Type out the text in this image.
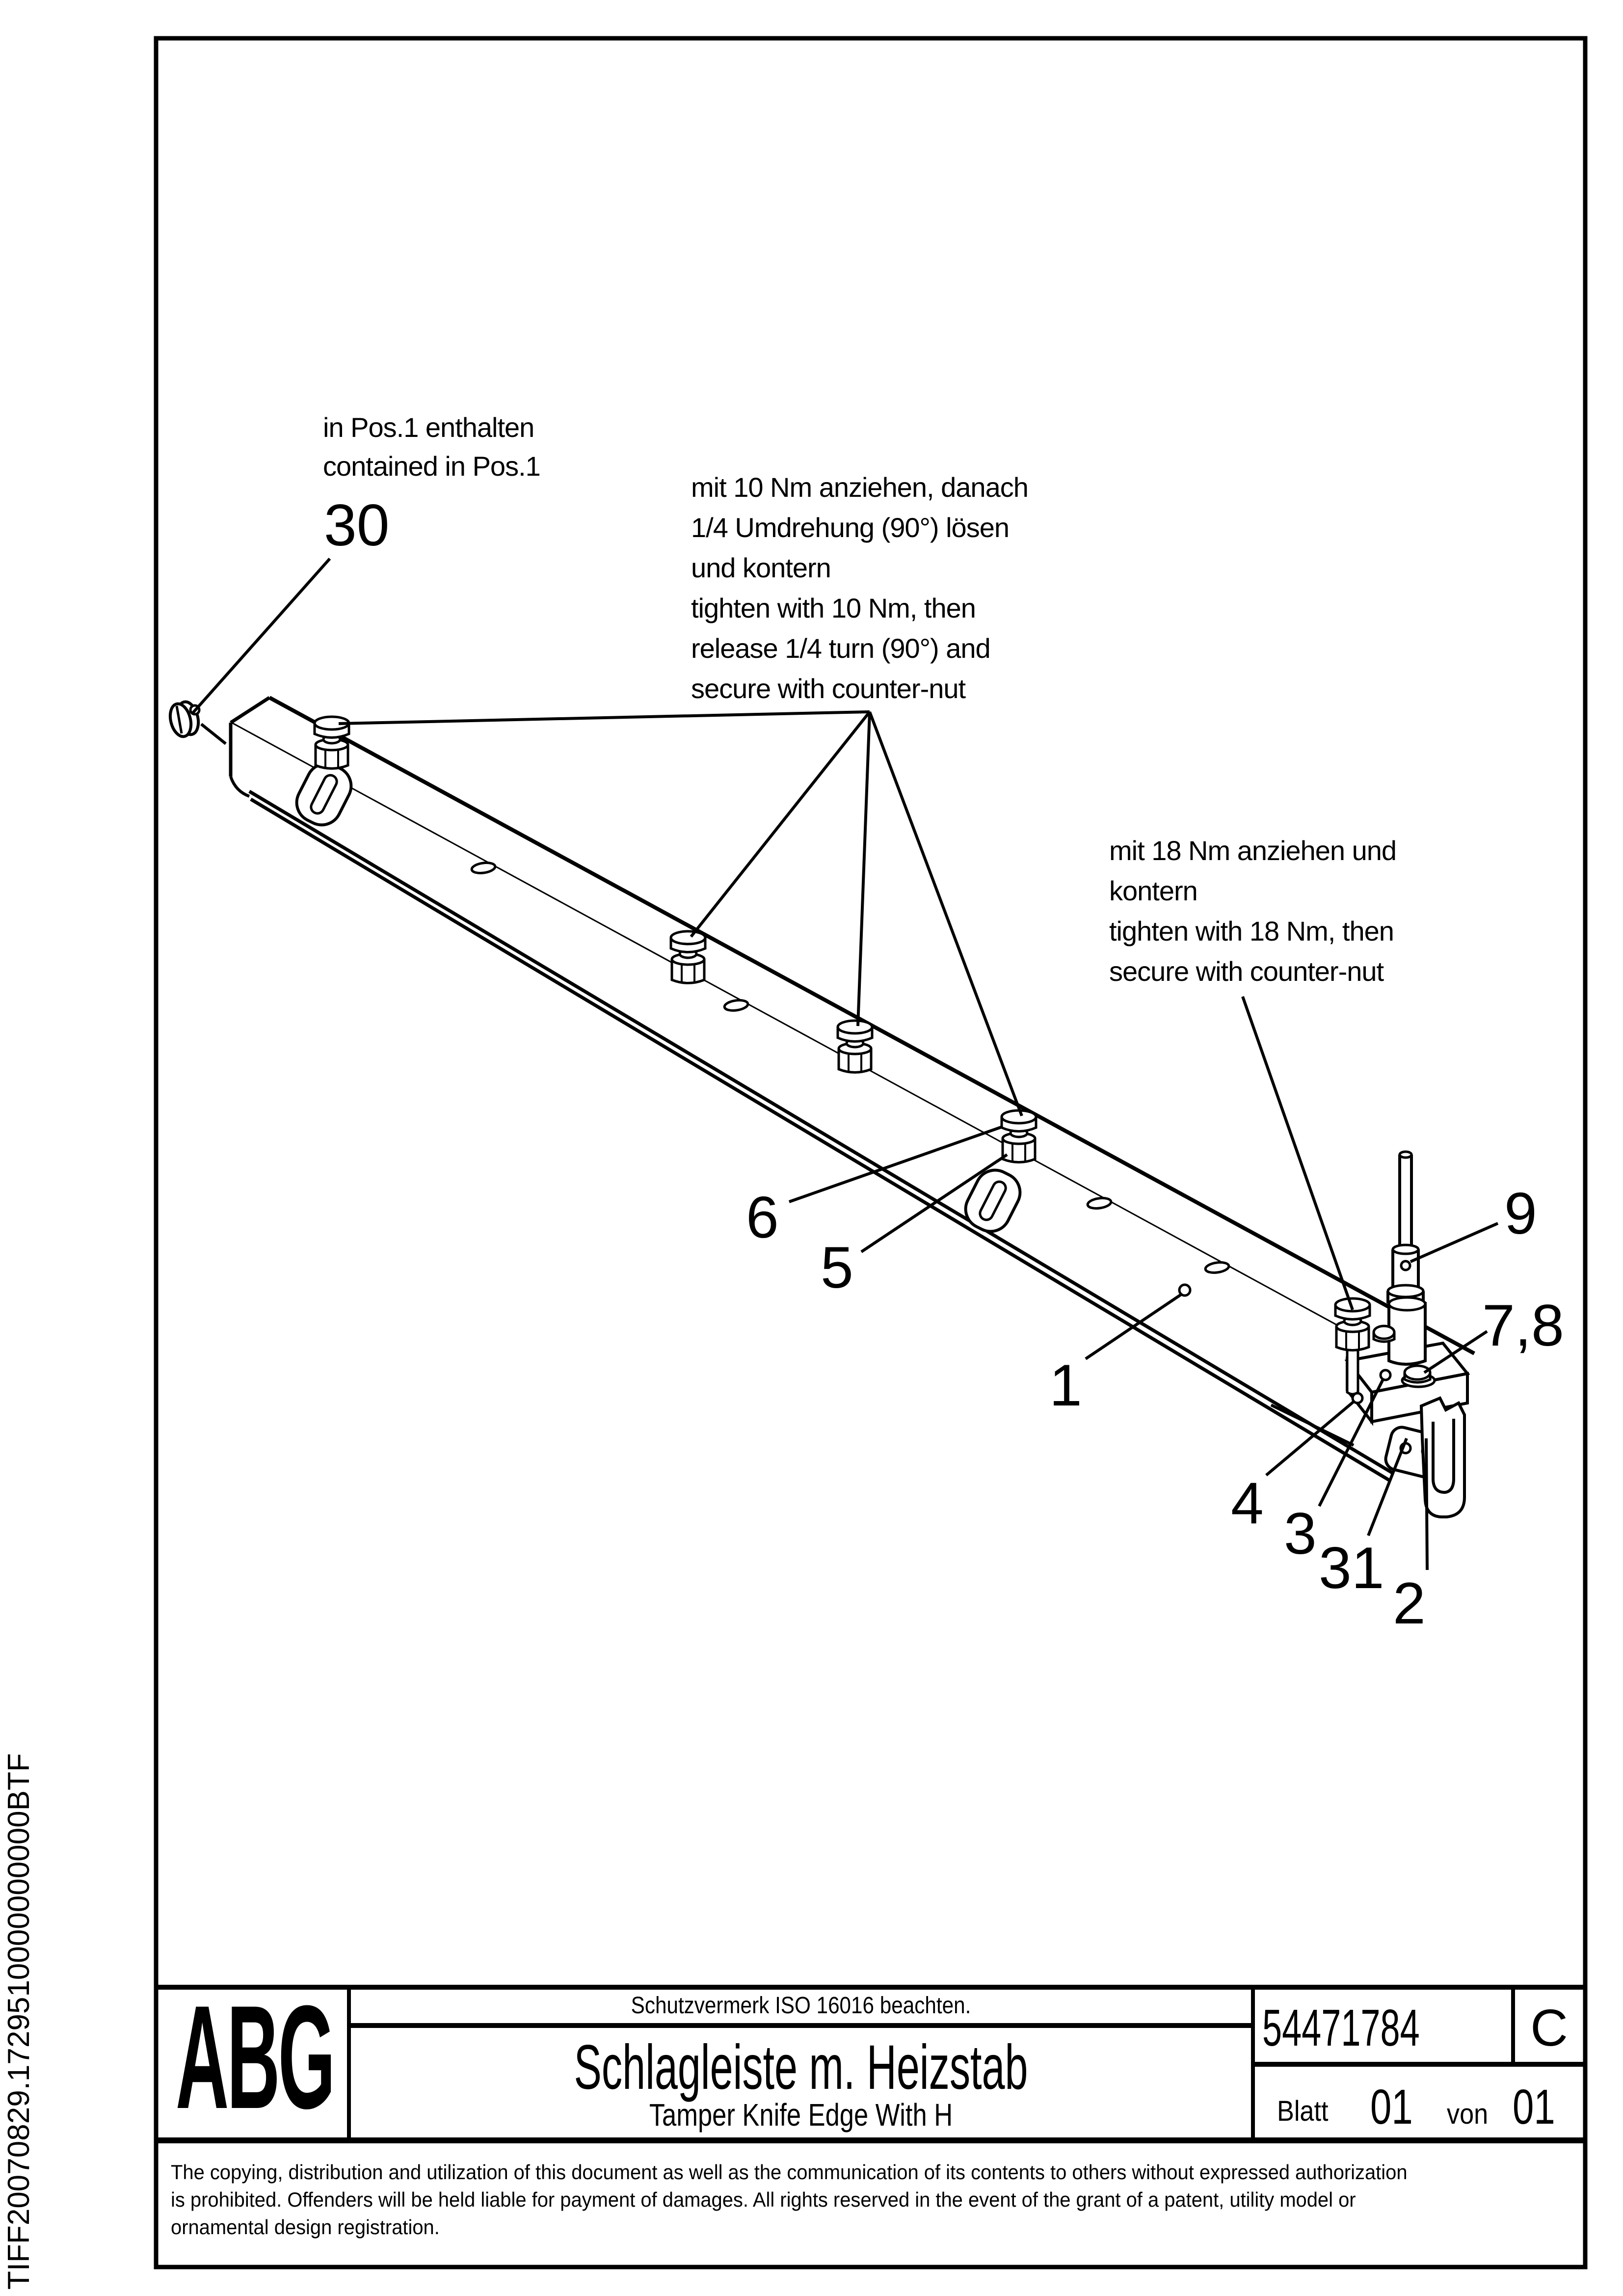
in Pos.1 enthalten
contained in Pos.1
mit 10 Nm anziehen, danach
1/4 Umdrehung (90°) lösen
und kontern
tighten with 10 Nm, then
release 1/4 turn (90°) and
secure with counter-nut
mit 18 Nm anziehen und
kontern
tighten with 18 Nm, then
secure with counter-nut
30
6
5
1
9
7,8
4 3
31
2
ABG	Schutzvermerk ISO 16016 beachten.
Schlagleiste m. Heizstab
Tamper Knife Edge With H
54471784	C
Blatt 01 von 01
The copying, distribution and utilization of this document as well as the communication of its contents to others without expressed authorization
is prohibited. Offenders will be held liable for payment of damages. All rights reserved in the event of the grant of a patent, utility model or
ornamental design registration.
TIFF20070829.1729510000000000BTF
